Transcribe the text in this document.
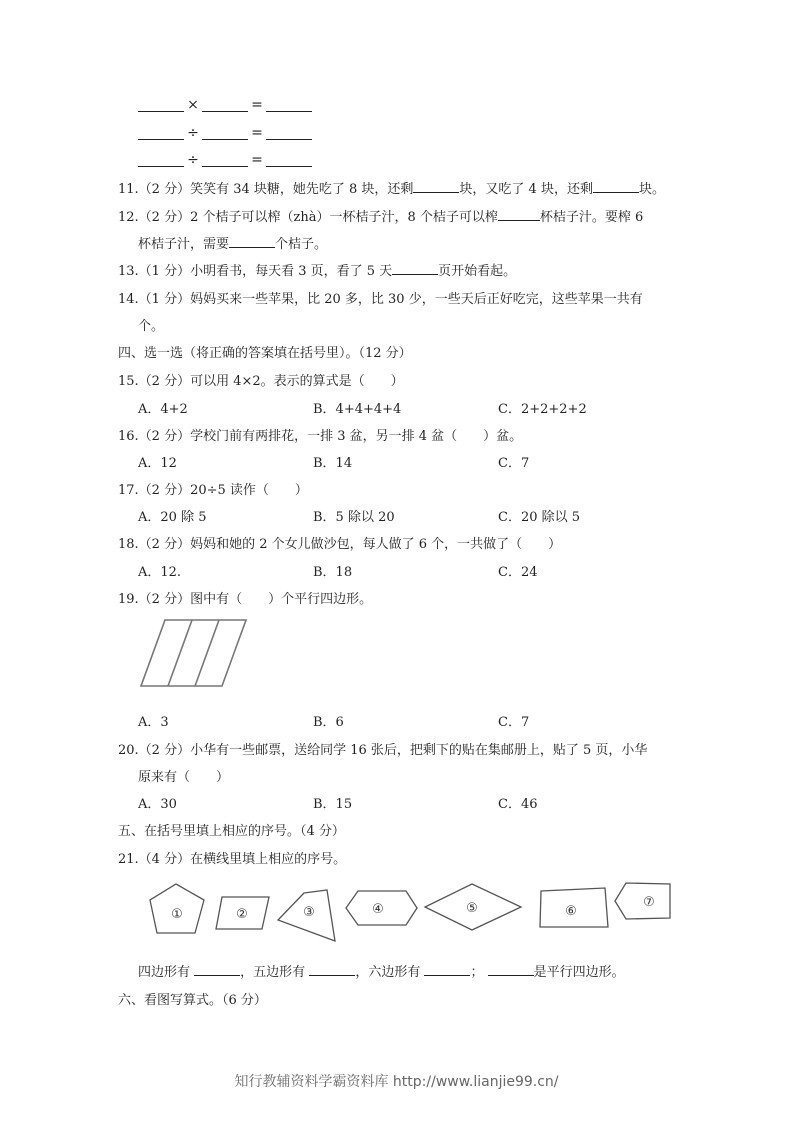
×	=
÷	=
÷	=
11.（2 分）笑笑有 34 块糖，她先吃了 8 块，还剩	块，又吃了 4 块，还剩	块。
12.（2 分）2 个桔子可以榨（zhà）一杯桔子汁，8 个桔子可以榨	杯桔子汁。要榨 6
杯桔子汁，需要	个桔子。
13.（1 分）小明看书，每天看 3 页，看了 5 天	页开始看起。
14.（1 分）妈妈买来一些苹果，比 20 多，比 30 少，一些天后正好吃完，这些苹果一共有
个。
四、选一选（将正确的答案填在括号里）。（12 分）
15.（2 分）可以用 4×2。表示的算式是（　　）
A．4+2	B．4+4+4+4	C．2+2+2+2
16.（2 分）学校门前有两排花，一排 3 盆，另一排 4 盆（　　）盆。
A．12	B．14	C．7
17.（2 分）20÷5 读作（　　）
A．20 除 5	B．5 除以 20	C．20 除以 5
18.（2 分）妈妈和她的 2 个女儿做沙包，每人做了 6 个，一共做了（　　）
A．12.	B．18	C．24
19.（2 分）图中有（　　）个平行四边形。
A．3	B．6	C．7
20.（2 分）小华有一些邮票，送给同学 16 张后，把剩下的贴在集邮册上，贴了 5 页，小华
原来有（　　）
A．30	B．15	C．46
五、在括号里填上相应的序号。（4 分）
21.（4 分）在横线里填上相应的序号。
①	②	③	④	⑤	⑥
⑦
四边形有	，五边形有	，六边形有	；	是平行四边形。
六、看图写算式。（6 分）
知行教辅资料学霸资料库 http://www.lianjie99.cn/
